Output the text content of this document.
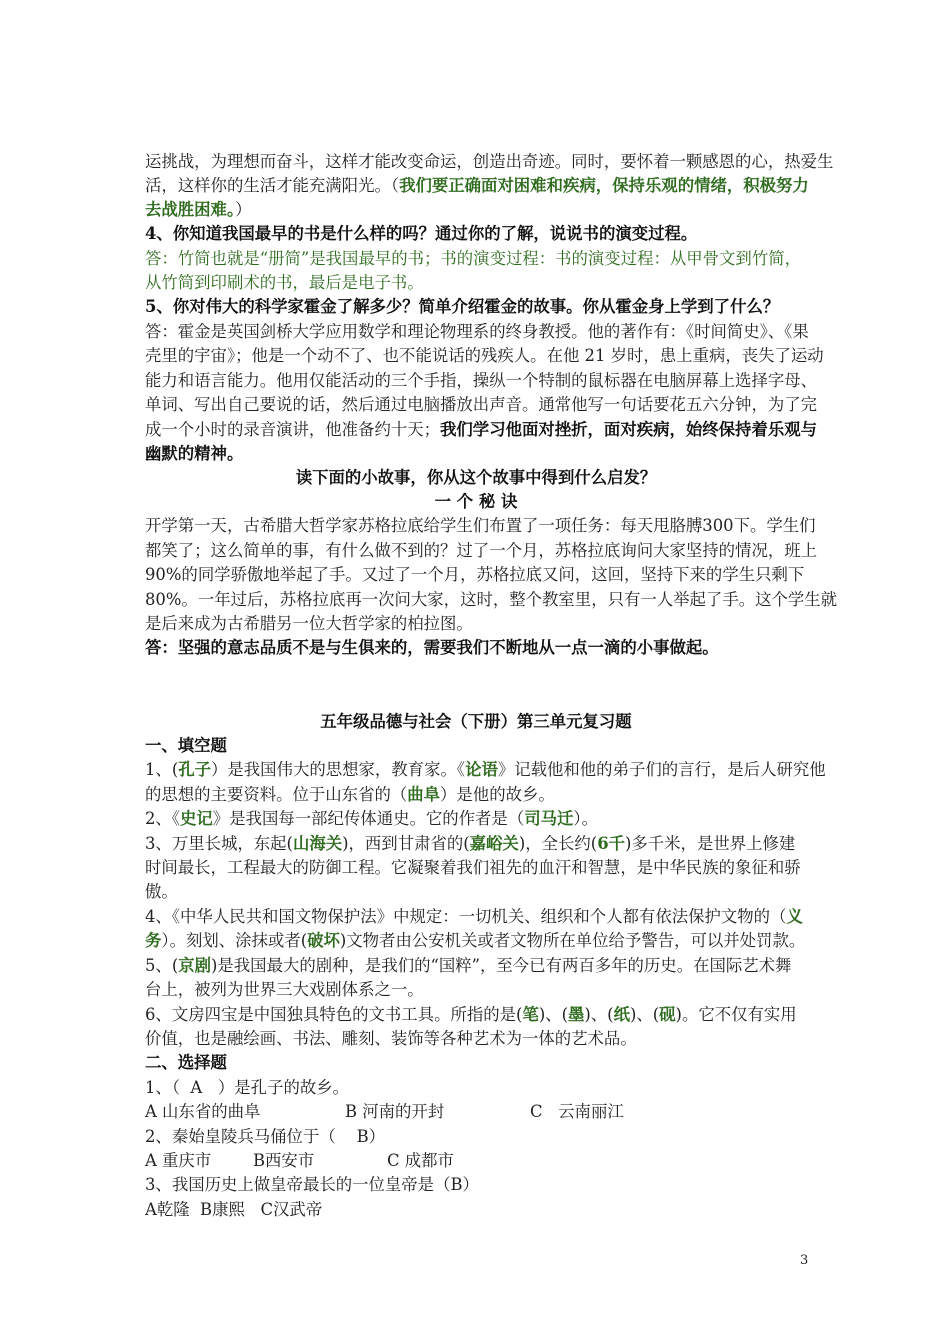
运挑战，为理想而奋斗，这样才能改变命运，创造出奇迹。同时，要怀着一颗感恩的心，热爱生
活，这样你的生活才能充满阳光。（我们要正确面对困难和疾病，保持乐观的情绪，积极努力
去战胜困难。）
4、你知道我国最早的书是什么样的吗？通过你的了解，说说书的演变过程。
答：竹简也就是“册简”是我国最早的书；书的演变过程：书的演变过程：从甲骨文到竹简，
从竹简到印刷术的书，最后是电子书。
5、你对伟大的科学家霍金了解多少？简单介绍霍金的故事。你从霍金身上学到了什么？
答：霍金是英国剑桥大学应用数学和理论物理系的终身教授。他的著作有：《时间简史》、《果
壳里的宇宙》；他是一个动不了、也不能说话的残疾人。在他 21 岁时，患上重病，丧失了运动
能力和语言能力。他用仅能活动的三个手指，操纵一个特制的鼠标器在电脑屏幕上选择字母、
单词、写出自己要说的话，然后通过电脑播放出声音。通常他写一句话要花五六分钟，为了完
成一个小时的录音演讲，他准备约十天；我们学习他面对挫折，面对疾病，始终保持着乐观与
幽默的精神。
读下面的小故事，你从这个故事中得到什么启发？
一 个 秘 诀
开学第一天，古希腊大哲学家苏格拉底给学生们布置了一项任务：每天甩胳膊300下。学生们
都笑了；这么简单的事，有什么做不到的？过了一个月，苏格拉底询问大家坚持的情况，班上
90%的同学骄傲地举起了手。又过了一个月，苏格拉底又问，这回，坚持下来的学生只剩下
80%。一年过后，苏格拉底再一次问大家，这时，整个教室里，只有一人举起了手。这个学生就
是后来成为古希腊另一位大哲学家的柏拉图。
答：坚强的意志品质不是与生俱来的，需要我们不断地从一点一滴的小事做起。
五年级品德与社会（下册）第三单元复习题
一、填空题
1、(孔子）是我国伟大的思想家，教育家。《论语》记载他和他的弟子们的言行，是后人研究他
的思想的主要资料。位于山东省的（曲阜）是他的故乡。
2、《史记》是我国每一部纪传体通史。它的作者是（司马迁）。
3、万里长城，东起(山海关)，西到甘肃省的(嘉峪关)，全长约(6千)多千米，是世界上修建
时间最长，工程最大的防御工程。它凝聚着我们祖先的血汗和智慧，是中华民族的象征和骄
傲。
4、《中华人民共和国文物保护法》中规定：一切机关、组织和个人都有依法保护文物的（义
务）。刻划、涂抹或者(破坏)文物者由公安机关或者文物所在单位给予警告，可以并处罚款。
5、(京剧)是我国最大的剧种，是我们的“国粹”，至今已有两百多年的历史。在国际艺术舞
台上，被列为世界三大戏剧体系之一。
6、文房四宝是中国独具特色的文书工具。所指的是(笔)、(墨)、(纸)、(砚)。它不仅有实用
价值，也是融绘画、书法、雕刻、装饰等各种艺术为一体的艺术品。
二、选择题
1、（  A   ）是孔子的故乡。
A 山东省的曲阜	B 河南的开封	C   云南丽江
2、秦始皇陵兵马俑位于（    B）
A 重庆市	B西安市	C 成都市
3、我国历史上做皇帝最长的一位皇帝是（B）
A乾隆  B康熙   C汉武帝
3
